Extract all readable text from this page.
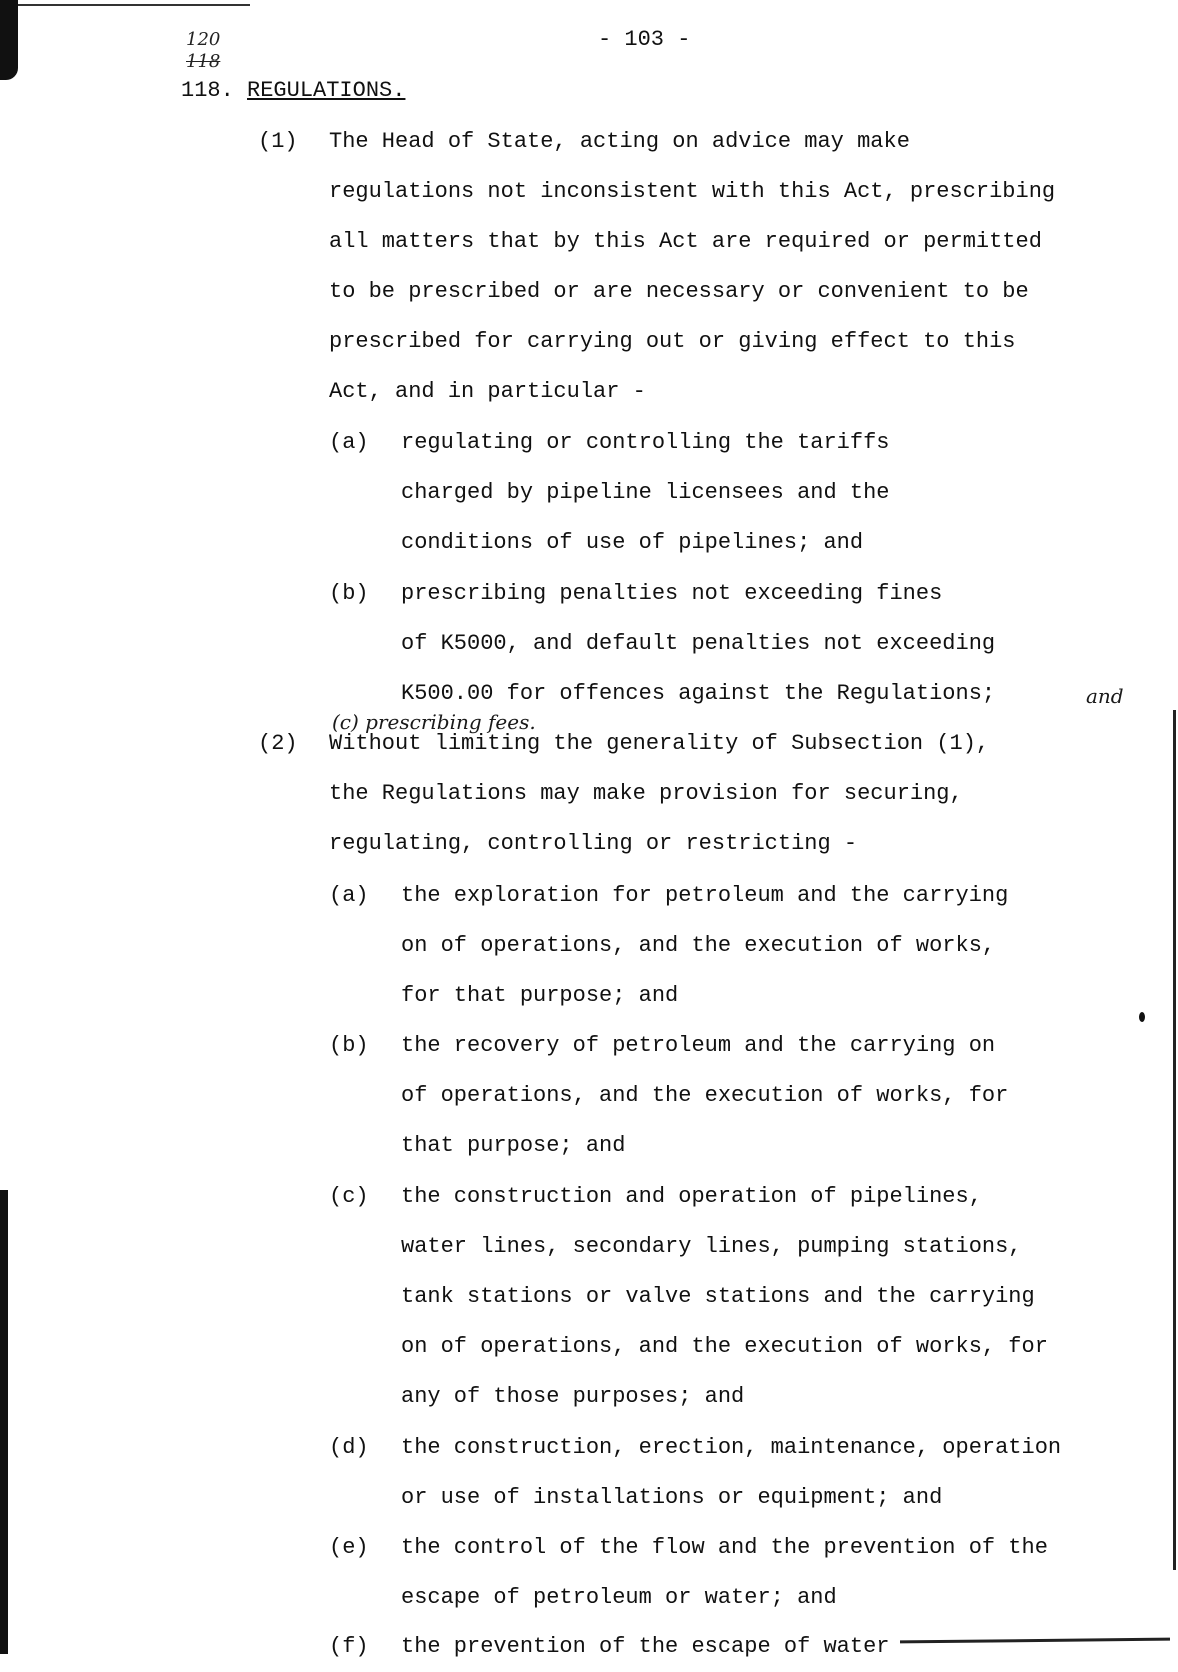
- 103 -
120
118
118. REGULATIONS.
(1) The Head of State, acting on advice may make
regulations not inconsistent with this Act, prescribing
all matters that by this Act are required or permitted
to be prescribed or are necessary or convenient to be
prescribed for carrying out or giving effect to this
Act, and in particular -
(a) regulating or controlling the tariffs
charged by pipeline licensees and the
conditions of use of pipelines; and
(b) prescribing penalties not exceeding fines
of K5000, and default penalties not exceeding
K500.00 for offences against the Regulations;	and
(c) prescribing fees.
(2) Without limiting the generality of Subsection (1),
the Regulations may make provision for securing,
regulating, controlling or restricting -
(a) the exploration for petroleum and the carrying
on of operations, and the execution of works,
for that purpose; and
(b) the recovery of petroleum and the carrying on
of operations, and the execution of works, for
that purpose; and
(c) the construction and operation of pipelines,
water lines, secondary lines, pumping stations,
tank stations or valve stations and the carrying
on of operations, and the execution of works, for
any of those purposes; and
(d) the construction, erection, maintenance, operation
or use of installations or equipment; and
(e) the control of the flow and the prevention of the
escape of petroleum or water; and
(f) the prevention of the escape of water
